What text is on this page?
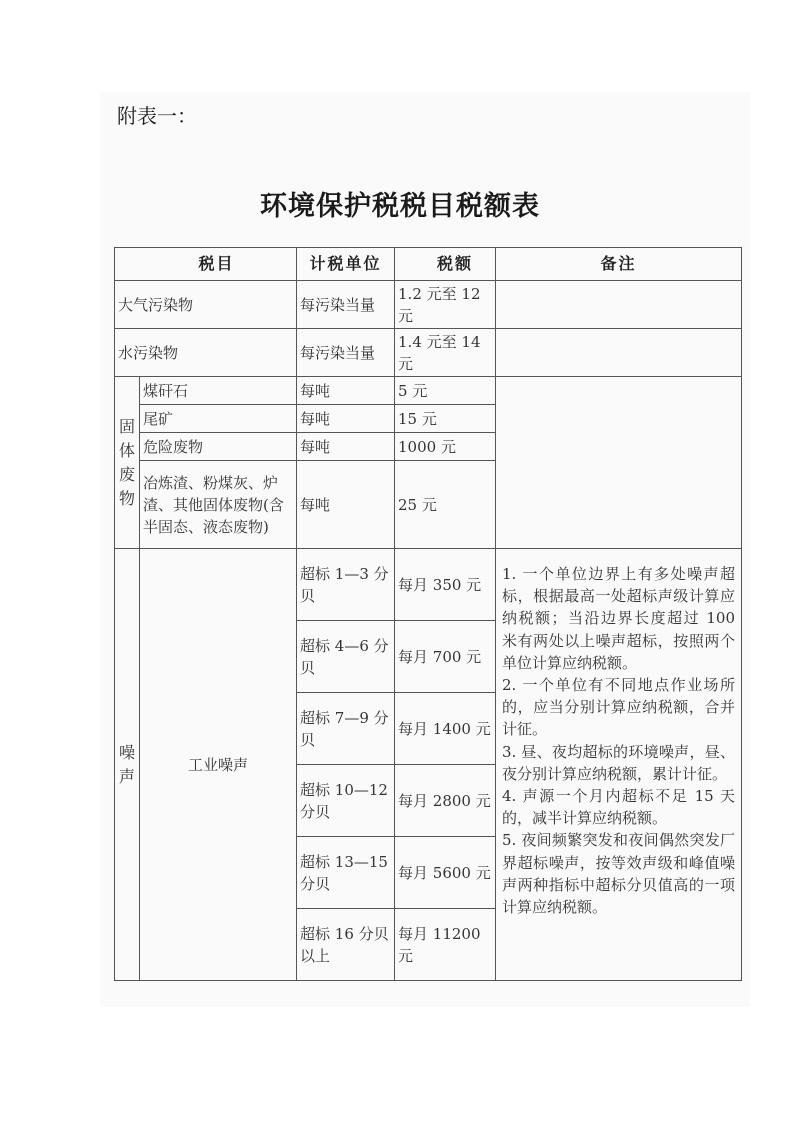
附表一：
环境保护税税目税额表
税目		计税单位	税额	备注
大气污染物		每污染当量	1.2 元至 12 元	
水污染物		每污染当量	1.4 元至 14 元	

固体废物	煤矸石	每吨	5 元	
	尾矿	每吨	15 元	
	危险废物	每吨	1000 元	
	冶炼渣、粉煤灰、炉渣、其他固体废物(含半固态、液态废物)	每吨	25 元	

噪声	工业噪声	超标 1—3 分贝	每月 350 元	1. 一个单位边界上有多处噪声超标，根据最高一处超标声级计算应纳税额；当沿边界长度超过 100 米有两处以上噪声超标，按照两个单位计算应纳税额。
2. 一个单位有不同地点作业场所的，应当分别计算应纳税额，合并计征。
3. 昼、夜均超标的环境噪声，昼、夜分别计算应纳税额，累计计征。
4. 声源一个月内超标不足 15 天的，减半计算应纳税额。
5. 夜间频繁突发和夜间偶然突发厂界超标噪声，按等效声级和峰值噪声两种指标中超标分贝值高的一项计算应纳税额。

		超标 4—6 分贝	每月 700 元	
		超标 7—9 分贝	每月 1400 元	
		超标 10—12 分贝	每月 2800 元	
		超标 13—15 分贝	每月 5600 元	
		超标 16 分贝以上	每月 11200 元	
